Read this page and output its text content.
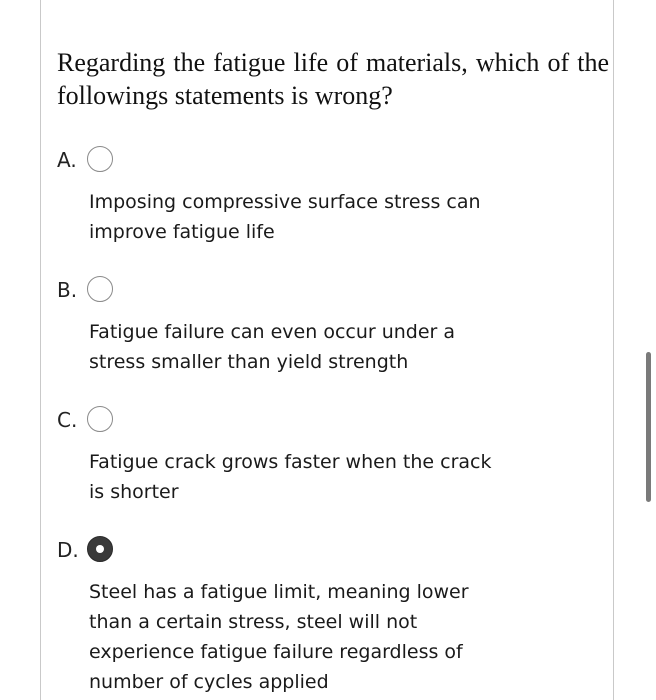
Regarding the fatigue life of materials, which of the followings statements is wrong?
A.
Imposing compressive surface stress can improve fatigue life
B.
Fatigue failure can even occur under a stress smaller than yield strength
C.
Fatigue crack grows faster when the crack is shorter
D.
Steel has a fatigue limit, meaning lower than a certain stress, steel will not experience fatigue failure regardless of number of cycles applied
